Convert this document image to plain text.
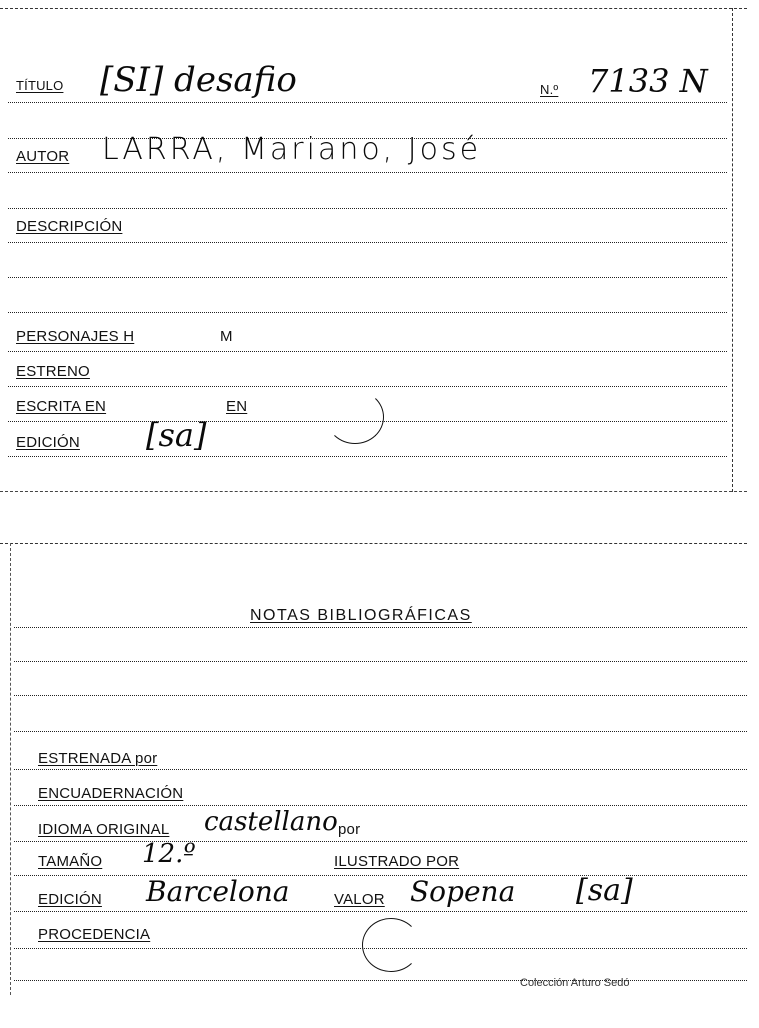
TÍTULO [SI] desafio	N.º 7133 N
AUTOR LARRA, Mariano, José
DESCRIPCIÓN
PERSONAJES H	M
ESTRENO
ESCRITA EN	EN
EDICIÓN [sa]
NOTAS BIBLIOGRÁFICAS
ESTRENADA por
ENCUADERNACIÓN
IDIOMA ORIGINAL castellano por
TAMAÑO 12.º	ILUSTRADO POR
EDICIÓN Barcelona	VALOR Sopena [sa]
PROCEDENCIA
Colección Arturo Sedó
